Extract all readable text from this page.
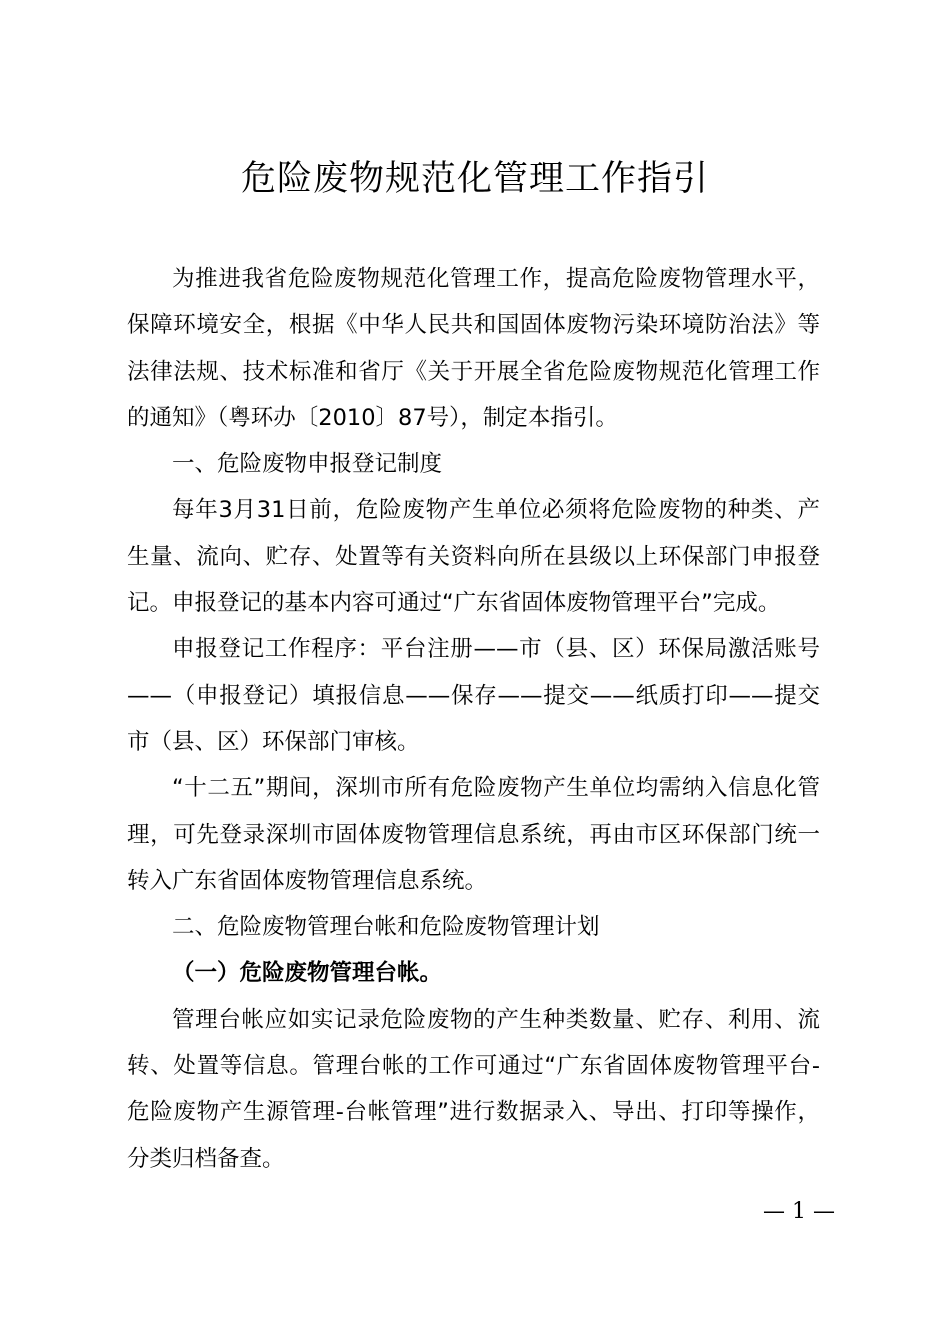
危险废物规范化管理工作指引

为推进我省危险废物规范化管理工作，提高危险废物管理水平，保障环境安全，根据《中华人民共和国固体废物污染环境防治法》等法律法规、技术标准和省厅《关于开展全省危险废物规范化管理工作的通知》（粤环办〔2010〕87号），制定本指引。

一、危险废物申报登记制度

每年3月31日前，危险废物产生单位必须将危险废物的种类、产生量、流向、贮存、处置等有关资料向所在县级以上环保部门申报登记。申报登记的基本内容可通过“广东省固体废物管理平台”完成。

申报登记工作程序：平台注册——市（县、区）环保局激活账号——（申报登记）填报信息——保存——提交——纸质打印——提交市（县、区）环保部门审核。

“十二五”期间，深圳市所有危险废物产生单位均需纳入信息化管理，可先登录深圳市固体废物管理信息系统，再由市区环保部门统一转入广东省固体废物管理信息系统。

二、危险废物管理台帐和危险废物管理计划

（一）危险废物管理台帐。

管理台帐应如实记录危险废物的产生种类数量、贮存、利用、流转、处置等信息。管理台帐的工作可通过“广东省固体废物管理平台-危险废物产生源管理-台帐管理”进行数据录入、导出、打印等操作，分类归档备查。

— 1 —
